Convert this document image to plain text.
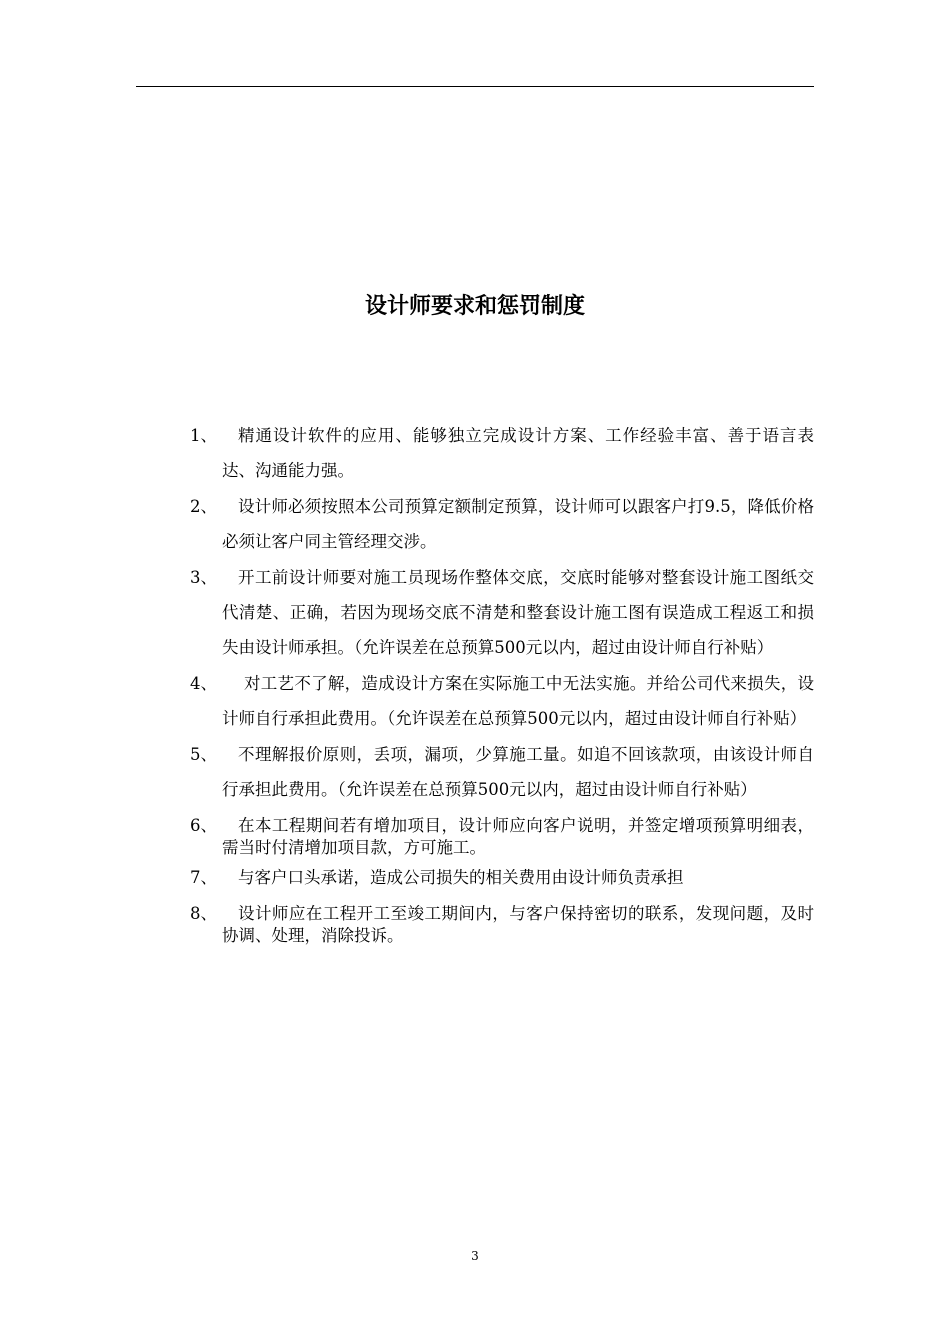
设计师要求和惩罚制度
1、	精通设计软件的应用、能够独立完成设计方案、工作经验丰富、善于语言表达、沟通能力强。
2、	设计师必须按照本公司预算定额制定预算，设计师可以跟客户打9.5，降低价格必须让客户同主管经理交涉。
3、	开工前设计师要对施工员现场作整体交底，交底时能够对整套设计施工图纸交代清楚、正确，若因为现场交底不清楚和整套设计施工图有误造成工程返工和损失由设计师承担。（允许误差在总预算500元以内，超过由设计师自行补贴）
4、	对工艺不了解，造成设计方案在实际施工中无法实施。并给公司代来损失，设计师自行承担此费用。（允许误差在总预算500元以内，超过由设计师自行补贴）
5、	不理解报价原则，丢项，漏项，少算施工量。如追不回该款项，由该设计师自行承担此费用。（允许误差在总预算500元以内，超过由设计师自行补贴）
6、	在本工程期间若有增加项目，设计师应向客户说明，并签定增项预算明细表，需当时付清增加项目款，方可施工。
7、	与客户口头承诺，造成公司损失的相关费用由设计师负责承担
8、	设计师应在工程开工至竣工期间内，与客户保持密切的联系，发现问题，及时协调、处理，消除投诉。
3
